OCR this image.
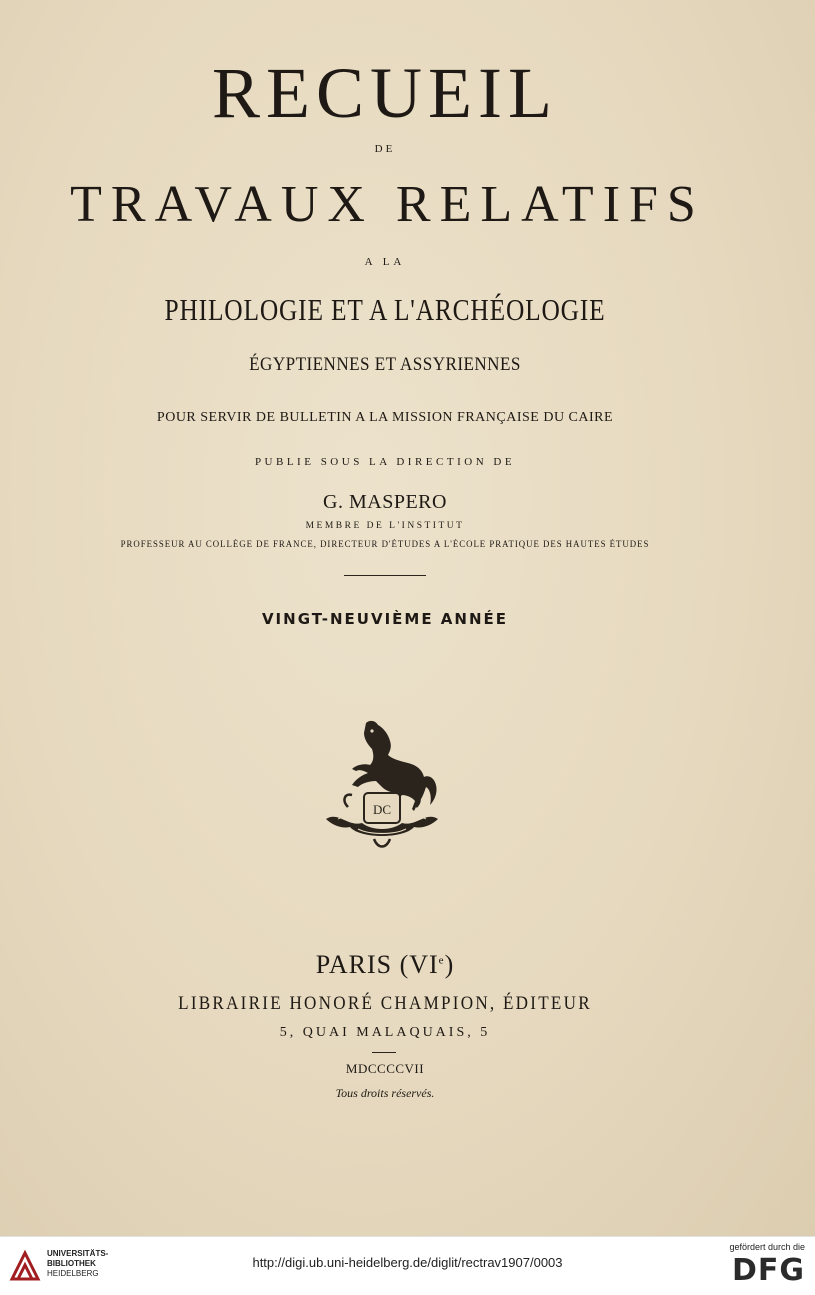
RECUEIL
DE
TRAVAUX RELATIFS
A LA
PHILOLOGIE ET A L'ARCHÉOLOGIE
ÉGYPTIENNES ET ASSYRIENNES
POUR SERVIR DE BULLETIN A LA MISSION FRANÇAISE DU CAIRE
PUBLIE SOUS LA DIRECTION DE
G. MASPERO
MEMBRE DE L'INSTITUT
PROFESSEUR AU COLLÈGE DE FRANCE, DIRECTEUR D'ÉTUDES A L'ÉCOLE PRATIQUE DES HAUTES ÉTUDES
VINGT-NEUVIÈME ANNÉE
DC
PARIS (VIe)
LIBRAIRIE HONORÉ CHAMPION, ÉDITEUR
5, QUAI MALAQUAIS, 5
MDCCCCVII
Tous droits réservés.
UNIVERSITÄTS-
BIBLIOTHEK
HEIDELBERG
http://digi.ub.uni-heidelberg.de/diglit/rectrav1907/0003
gefördert durch die
DFG
